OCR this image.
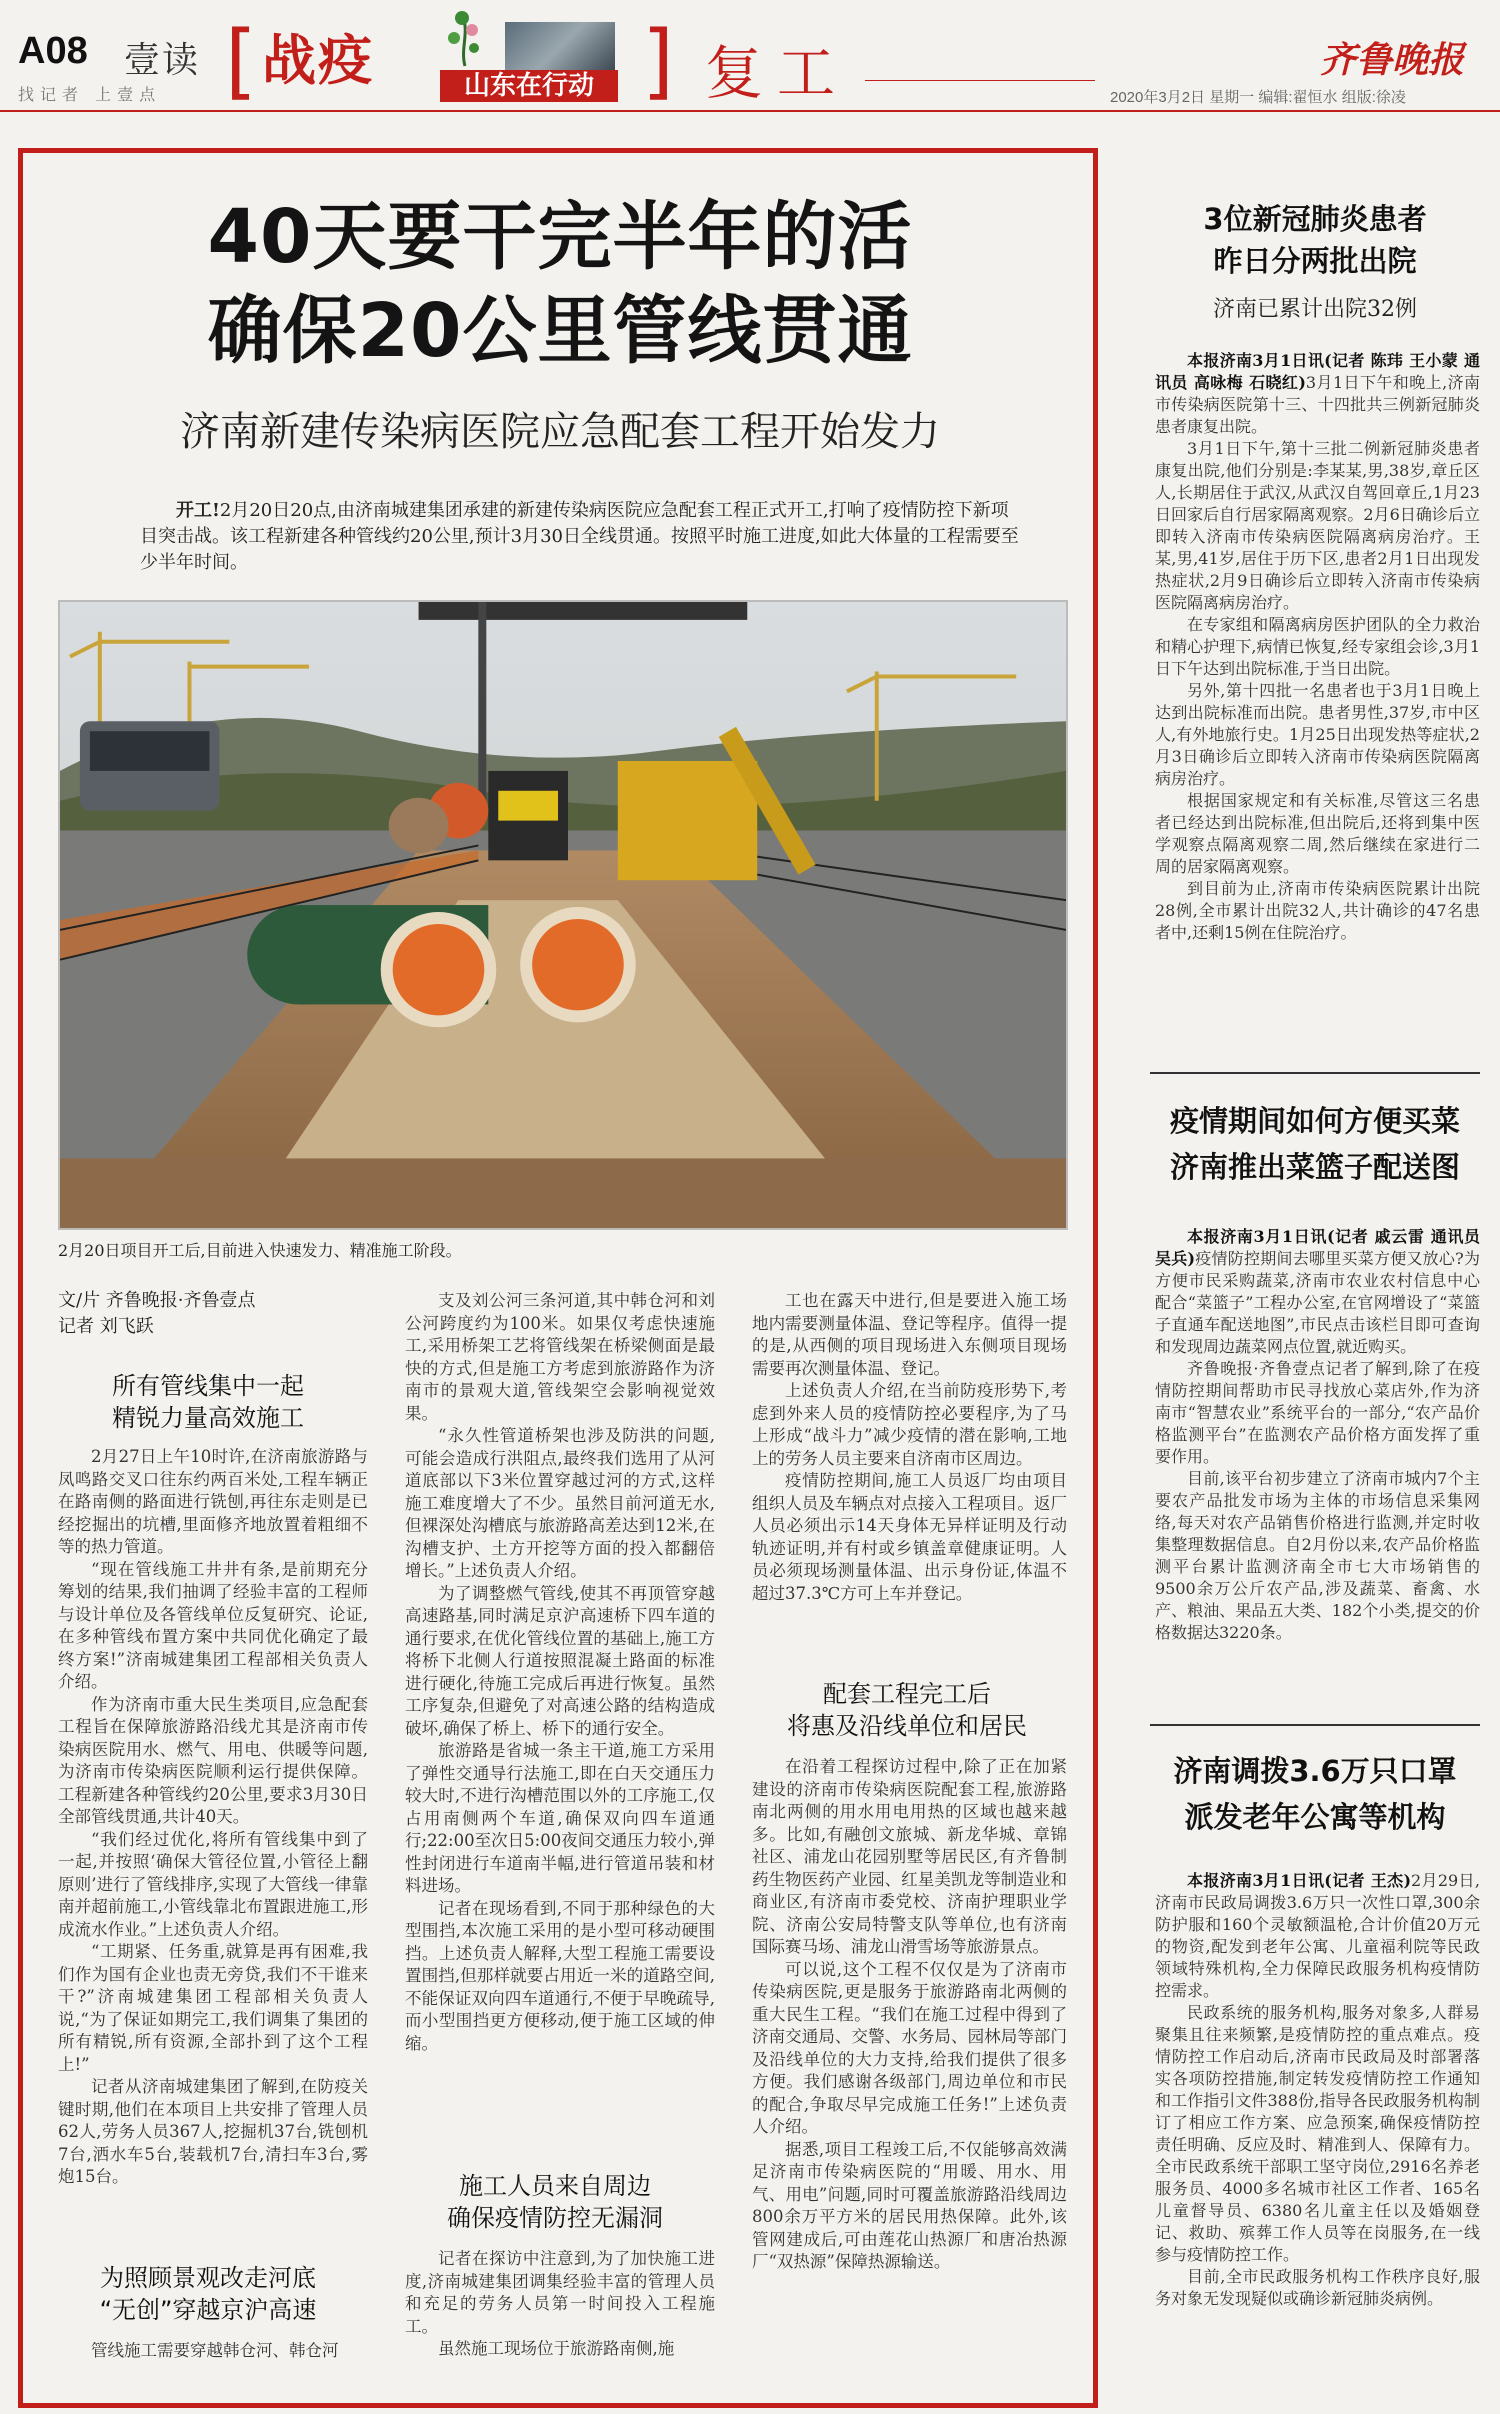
A08 壹读
找记者 上壹点 [ 战疫	山东在行动 ] 复工	齐鲁晚报
2020年3月2日 星期一 编辑:翟恒水 组版:徐凌
40天要干完半年的活
确保20公里管线贯通
济南新建传染病医院应急配套工程开始发力
开工!2月20日20点,由济南城建集团承建的新建传染病医院应急配套工程正式开工,打响了疫情防控下新项目突击战。该工程新建各种管线约20公里,预计3月30日全线贯通。按照平时施工进度,如此大体量的工程需要至少半年时间。
2月20日项目开工后,目前进入快速发力、精准施工阶段。
文/片 齐鲁晚报·齐鲁壹点
记者 刘飞跃
所有管线集中一起
精锐力量高效施工

2月27日上午10时许,在济南旅游路与凤鸣路交叉口往东约两百米处,工程车辆正在路南侧的路面进行铣刨,再往东走则是已经挖掘出的坑槽,里面修齐地放置着粗细不等的热力管道。

“现在管线施工井井有条,是前期充分筹划的结果,我们抽调了经验丰富的工程师与设计单位及各管线单位反复研究、论证,在多种管线布置方案中共同优化确定了最终方案!”济南城建集团工程部相关负责人介绍。

作为济南市重大民生类项目,应急配套工程旨在保障旅游路沿线尤其是济南市传染病医院用水、燃气、用电、供暖等问题,为济南市传染病医院顺利运行提供保障。工程新建各种管线约20公里,要求3月30日全部管线贯通,共计40天。

“我们经过优化,将所有管线集中到了一起,并按照‘确保大管径位置,小管径上翻原则’进行了管线排序,实现了大管线一律靠南并超前施工,小管线靠北布置跟进施工,形成流水作业。”上述负责人介绍。

“工期紧、任务重,就算是再有困难,我们作为国有企业也责无旁贷,我们不干谁来干?”济南城建集团工程部相关负责人说,“为了保证如期完工,我们调集了集团的所有精锐,所有资源,全部扑到了这个工程上!”

记者从济南城建集团了解到,在防疫关键时期,他们在本项目上共安排了管理人员62人,劳务人员367人,挖掘机37台,铣刨机7台,洒水车5台,装载机7台,清扫车3台,雾炮15台。

为照顾景观改走河底
“无创”穿越京沪高速

管线施工需要穿越韩仓河、韩仓河

支及刘公河三条河道,其中韩仓河和刘公河跨度约为100米。如果仅考虑快速施工,采用桥架工艺将管线架在桥梁侧面是最快的方式,但是施工方考虑到旅游路作为济南市的景观大道,管线架空会影响视觉效果。

“永久性管道桥架也涉及防洪的问题,可能会造成行洪阻点,最终我们选用了从河道底部以下3米位置穿越过河的方式,这样施工难度增大了不少。虽然目前河道无水,但裸深处沟槽底与旅游路高差达到12米,在沟槽支护、土方开挖等方面的投入都翻倍增长。”上述负责人介绍。

为了调整燃气管线,使其不再顶管穿越高速路基,同时满足京沪高速桥下四车道的通行要求,在优化管线位置的基础上,施工方将桥下北侧人行道按照混凝土路面的标准进行硬化,待施工完成后再进行恢复。虽然工序复杂,但避免了对高速公路的结构造成破坏,确保了桥上、桥下的通行安全。

旅游路是省城一条主干道,施工方采用了弹性交通导行法施工,即在白天交通压力较大时,不进行沟槽范围以外的工序施工,仅占用南侧两个车道,确保双向四车道通行;22:00至次日5:00夜间交通压力较小,弹性封闭进行车道南半幅,进行管道吊装和材料进场。

记者在现场看到,不同于那种绿色的大型围挡,本次施工采用的是小型可移动硬围挡。上述负责人解释,大型工程施工需要设置围挡,但那样就要占用近一米的道路空间,不能保证双向四车道通行,不便于早晚疏导,而小型围挡更方便移动,便于施工区域的伸缩。

施工人员来自周边
确保疫情防控无漏洞

记者在探访中注意到,为了加快施工进度,济南城建集团调集经验丰富的管理人员和充足的劳务人员第一时间投入工程施工。

虽然施工现场位于旅游路南侧,施

工也在露天中进行,但是要进入施工场地内需要测量体温、登记等程序。值得一提的是,从西侧的项目现场进入东侧项目现场需要再次测量体温、登记。

上述负责人介绍,在当前防疫形势下,考虑到外来人员的疫情防控必要程序,为了马上形成“战斗力”减少疫情的潜在影响,工地上的劳务人员主要来自济南市区周边。

疫情防控期间,施工人员返厂均由项目组织人员及车辆点对点接入工程项目。返厂人员必须出示14天身体无异样证明及行动轨迹证明,并有村或乡镇盖章健康证明。人员必须现场测量体温、出示身份证,体温不超过37.3℃方可上车并登记。

配套工程完工后
将惠及沿线单位和居民

在沿着工程探访过程中,除了正在加紧建设的济南市传染病医院配套工程,旅游路南北两侧的用水用电用热的区域也越来越多。比如,有融创文旅城、新龙华城、章锦社区、浦龙山花园别墅等居民区,有齐鲁制药生物医药产业园、红星美凯龙等制造业和商业区,有济南市委党校、济南护理职业学院、济南公安局特警支队等单位,也有济南国际赛马场、浦龙山滑雪场等旅游景点。

可以说,这个工程不仅仅是为了济南市传染病医院,更是服务于旅游路南北两侧的重大民生工程。“我们在施工过程中得到了济南交通局、交警、水务局、园林局等部门及沿线单位的大力支持,给我们提供了很多方便。我们感谢各级部门,周边单位和市民的配合,争取尽早完成施工任务!”上述负责人介绍。

据悉,项目工程竣工后,不仅能够高效满足济南市传染病医院的“用暖、用水、用气、用电”问题,同时可覆盖旅游路沿线周边800余万平方米的居民用热保障。此外,该管网建成后,可由莲花山热源厂和唐冶热源厂“双热源”保障热源输送。

3位新冠肺炎患者
昨日分两批出院
济南已累计出院32例

本报济南3月1日讯(记者 陈玮 王小蒙 通讯员 高咏梅 石晓红)3月1日下午和晚上,济南市传染病医院第十三、十四批共三例新冠肺炎患者康复出院。

3月1日下午,第十三批二例新冠肺炎患者康复出院,他们分别是:李某某,男,38岁,章丘区人,长期居住于武汉,从武汉自驾回章丘,1月23日回家后自行居家隔离观察。2月6日确诊后立即转入济南市传染病医院隔离病房治疗。王某,男,41岁,居住于历下区,患者2月1日出现发热症状,2月9日确诊后立即转入济南市传染病医院隔离病房治疗。

在专家组和隔离病房医护团队的全力救治和精心护理下,病情已恢复,经专家组会诊,3月1日下午达到出院标准,于当日出院。

另外,第十四批一名患者也于3月1日晚上达到出院标准而出院。患者男性,37岁,市中区人,有外地旅行史。1月25日出现发热等症状,2月3日确诊后立即转入济南市传染病医院隔离病房治疗。

根据国家规定和有关标准,尽管这三名患者已经达到出院标准,但出院后,还将到集中医学观察点隔离观察二周,然后继续在家进行二周的居家隔离观察。

到目前为止,济南市传染病医院累计出院28例,全市累计出院32人,共计确诊的47名患者中,还剩15例在住院治疗。

疫情期间如何方便买菜
济南推出菜篮子配送图

本报济南3月1日讯(记者 戚云雷 通讯员 吴兵)疫情防控期间去哪里买菜方便又放心?为方便市民采购蔬菜,济南市农业农村信息中心配合“菜篮子”工程办公室,在官网增设了“菜篮子直通车配送地图”,市民点击该栏目即可查询和发现周边蔬菜网点位置,就近购买。

齐鲁晚报·齐鲁壹点记者了解到,除了在疫情防控期间帮助市民寻找放心菜店外,作为济南市“智慧农业”系统平台的一部分,“农产品价格监测平台”在监测农产品价格方面发挥了重要作用。

目前,该平台初步建立了济南市城内7个主要农产品批发市场为主体的市场信息采集网络,每天对农产品销售价格进行监测,并定时收集整理数据信息。自2月份以来,农产品价格监测平台累计监测济南全市七大市场销售的9500余万公斤农产品,涉及蔬菜、畜禽、水产、粮油、果品五大类、182个小类,提交的价格数据达3220条。

济南调拨3.6万只口罩
派发老年公寓等机构

本报济南3月1日讯(记者 王杰)2月29日,济南市民政局调拨3.6万只一次性口罩,300余防护服和160个灵敏额温枪,合计价值20万元的物资,配发到老年公寓、儿童福利院等民政领域特殊机构,全力保障民政服务机构疫情防控需求。

民政系统的服务机构,服务对象多,人群易聚集且往来频繁,是疫情防控的重点难点。疫情防控工作启动后,济南市民政局及时部署落实各项防控措施,制定转发疫情防控工作通知和工作指引文件388份,指导各民政服务机构制订了相应工作方案、应急预案,确保疫情防控责任明确、反应及时、精准到人、保障有力。全市民政系统干部职工坚守岗位,2916名养老服务员、4000多名城市社区工作者、165名儿童督导员、6380名儿童主任以及婚姻登记、救助、殡葬工作人员等在岗服务,在一线参与疫情防控工作。

目前,全市民政服务机构工作秩序良好,服务对象无发现疑似或确诊新冠肺炎病例。
